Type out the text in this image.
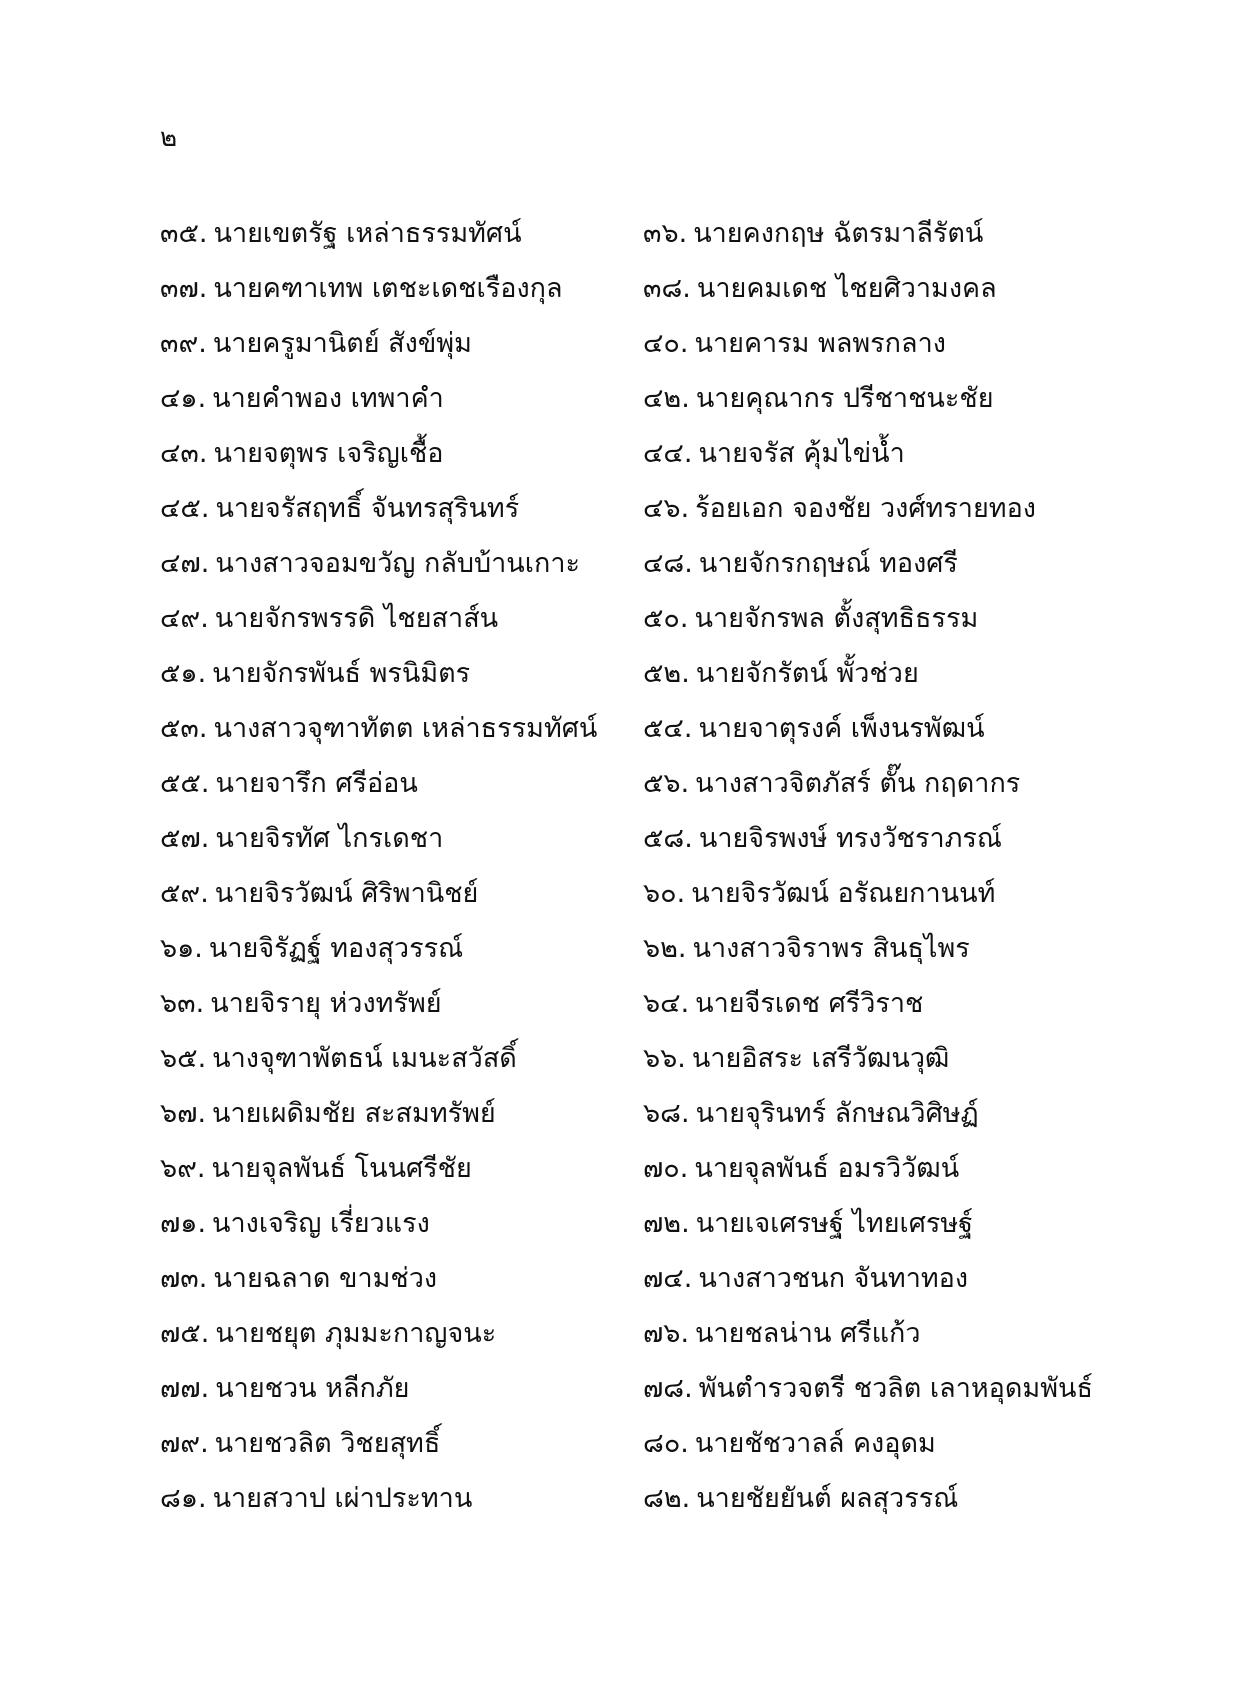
๒
๓๕. นายเขตรัฐ เหล่าธรรมทัศน์	๓๖. นายคงกฤษ ฉัตรมาลีรัตน์
๓๗. นายคฑาเทพ เตชะเดชเรืองกุล	๓๘. นายคมเดช ไชยศิวามงคล
๓๙. นายครูมานิตย์ สังข์พุ่ม	๔๐. นายคารม พลพรกลาง
๔๑. นายคำพอง เทพาคำ	๔๒. นายคุณากร ปรีชาชนะชัย
๔๓. นายจตุพร เจริญเชื้อ	๔๔. นายจรัส คุ้มไข่น้ำ
๔๕. นายจรัสฤทธิ์ จันทรสุรินทร์	๔๖. ร้อยเอก จองชัย วงศ์ทรายทอง
๔๗. นางสาวจอมขวัญ กลับบ้านเกาะ	๔๘. นายจักรกฤษณ์ ทองศรี
๔๙. นายจักรพรรดิ ไชยสาส์น	๕๐. นายจักรพล ตั้งสุทธิธรรม
๕๑. นายจักรพันธ์ พรนิมิตร	๕๒. นายจักรัตน์ พั้วช่วย
๕๓. นางสาวจุฑาทัตต เหล่าธรรมทัศน์	๕๔. นายจาตุรงค์ เพ็งนรพัฒน์
๕๕. นายจารึก ศรีอ่อน	๕๖. นางสาวจิตภัสร์ ตั๊น กฤดากร
๕๗. นายจิรทัศ ไกรเดชา	๕๘. นายจิรพงษ์ ทรงวัชราภรณ์
๕๙. นายจิรวัฒน์ ศิริพานิชย์	๖๐. นายจิรวัฒน์ อรัณยกานนท์
๖๑. นายจิรัฏฐ์ ทองสุวรรณ์	๖๒. นางสาวจิราพร สินธุไพร
๖๓. นายจิรายุ ห่วงทรัพย์	๖๔. นายจีรเดช ศรีวิราช
๖๕. นางจุฑาพัตธน์ เมนะสวัสดิ์	๖๖. นายอิสระ เสรีวัฒนวุฒิ
๖๗. นายเผดิมชัย สะสมทรัพย์	๖๘. นายจุรินทร์ ลักษณวิศิษฏ์
๖๙. นายจุลพันธ์ โนนศรีชัย	๗๐. นายจุลพันธ์ อมรวิวัฒน์
๗๑. นางเจริญ เรี่ยวแรง	๗๒. นายเจเศรษฐ์ ไทยเศรษฐ์
๗๓. นายฉลาด ขามช่วง	๗๔. นางสาวชนก จันทาทอง
๗๕. นายชยุต ภุมมะกาญจนะ	๗๖. นายชลน่าน ศรีแก้ว
๗๗. นายชวน หลีกภัย	๗๘. พันตำรวจตรี ชวลิต เลาหอุดมพันธ์
๗๙. นายชวลิต วิชยสุทธิ์	๘๐. นายชัชวาลล์ คงอุดม
๘๑. นายสวาป เผ่าประทาน	๘๒. นายชัยยันต์ ผลสุวรรณ์
